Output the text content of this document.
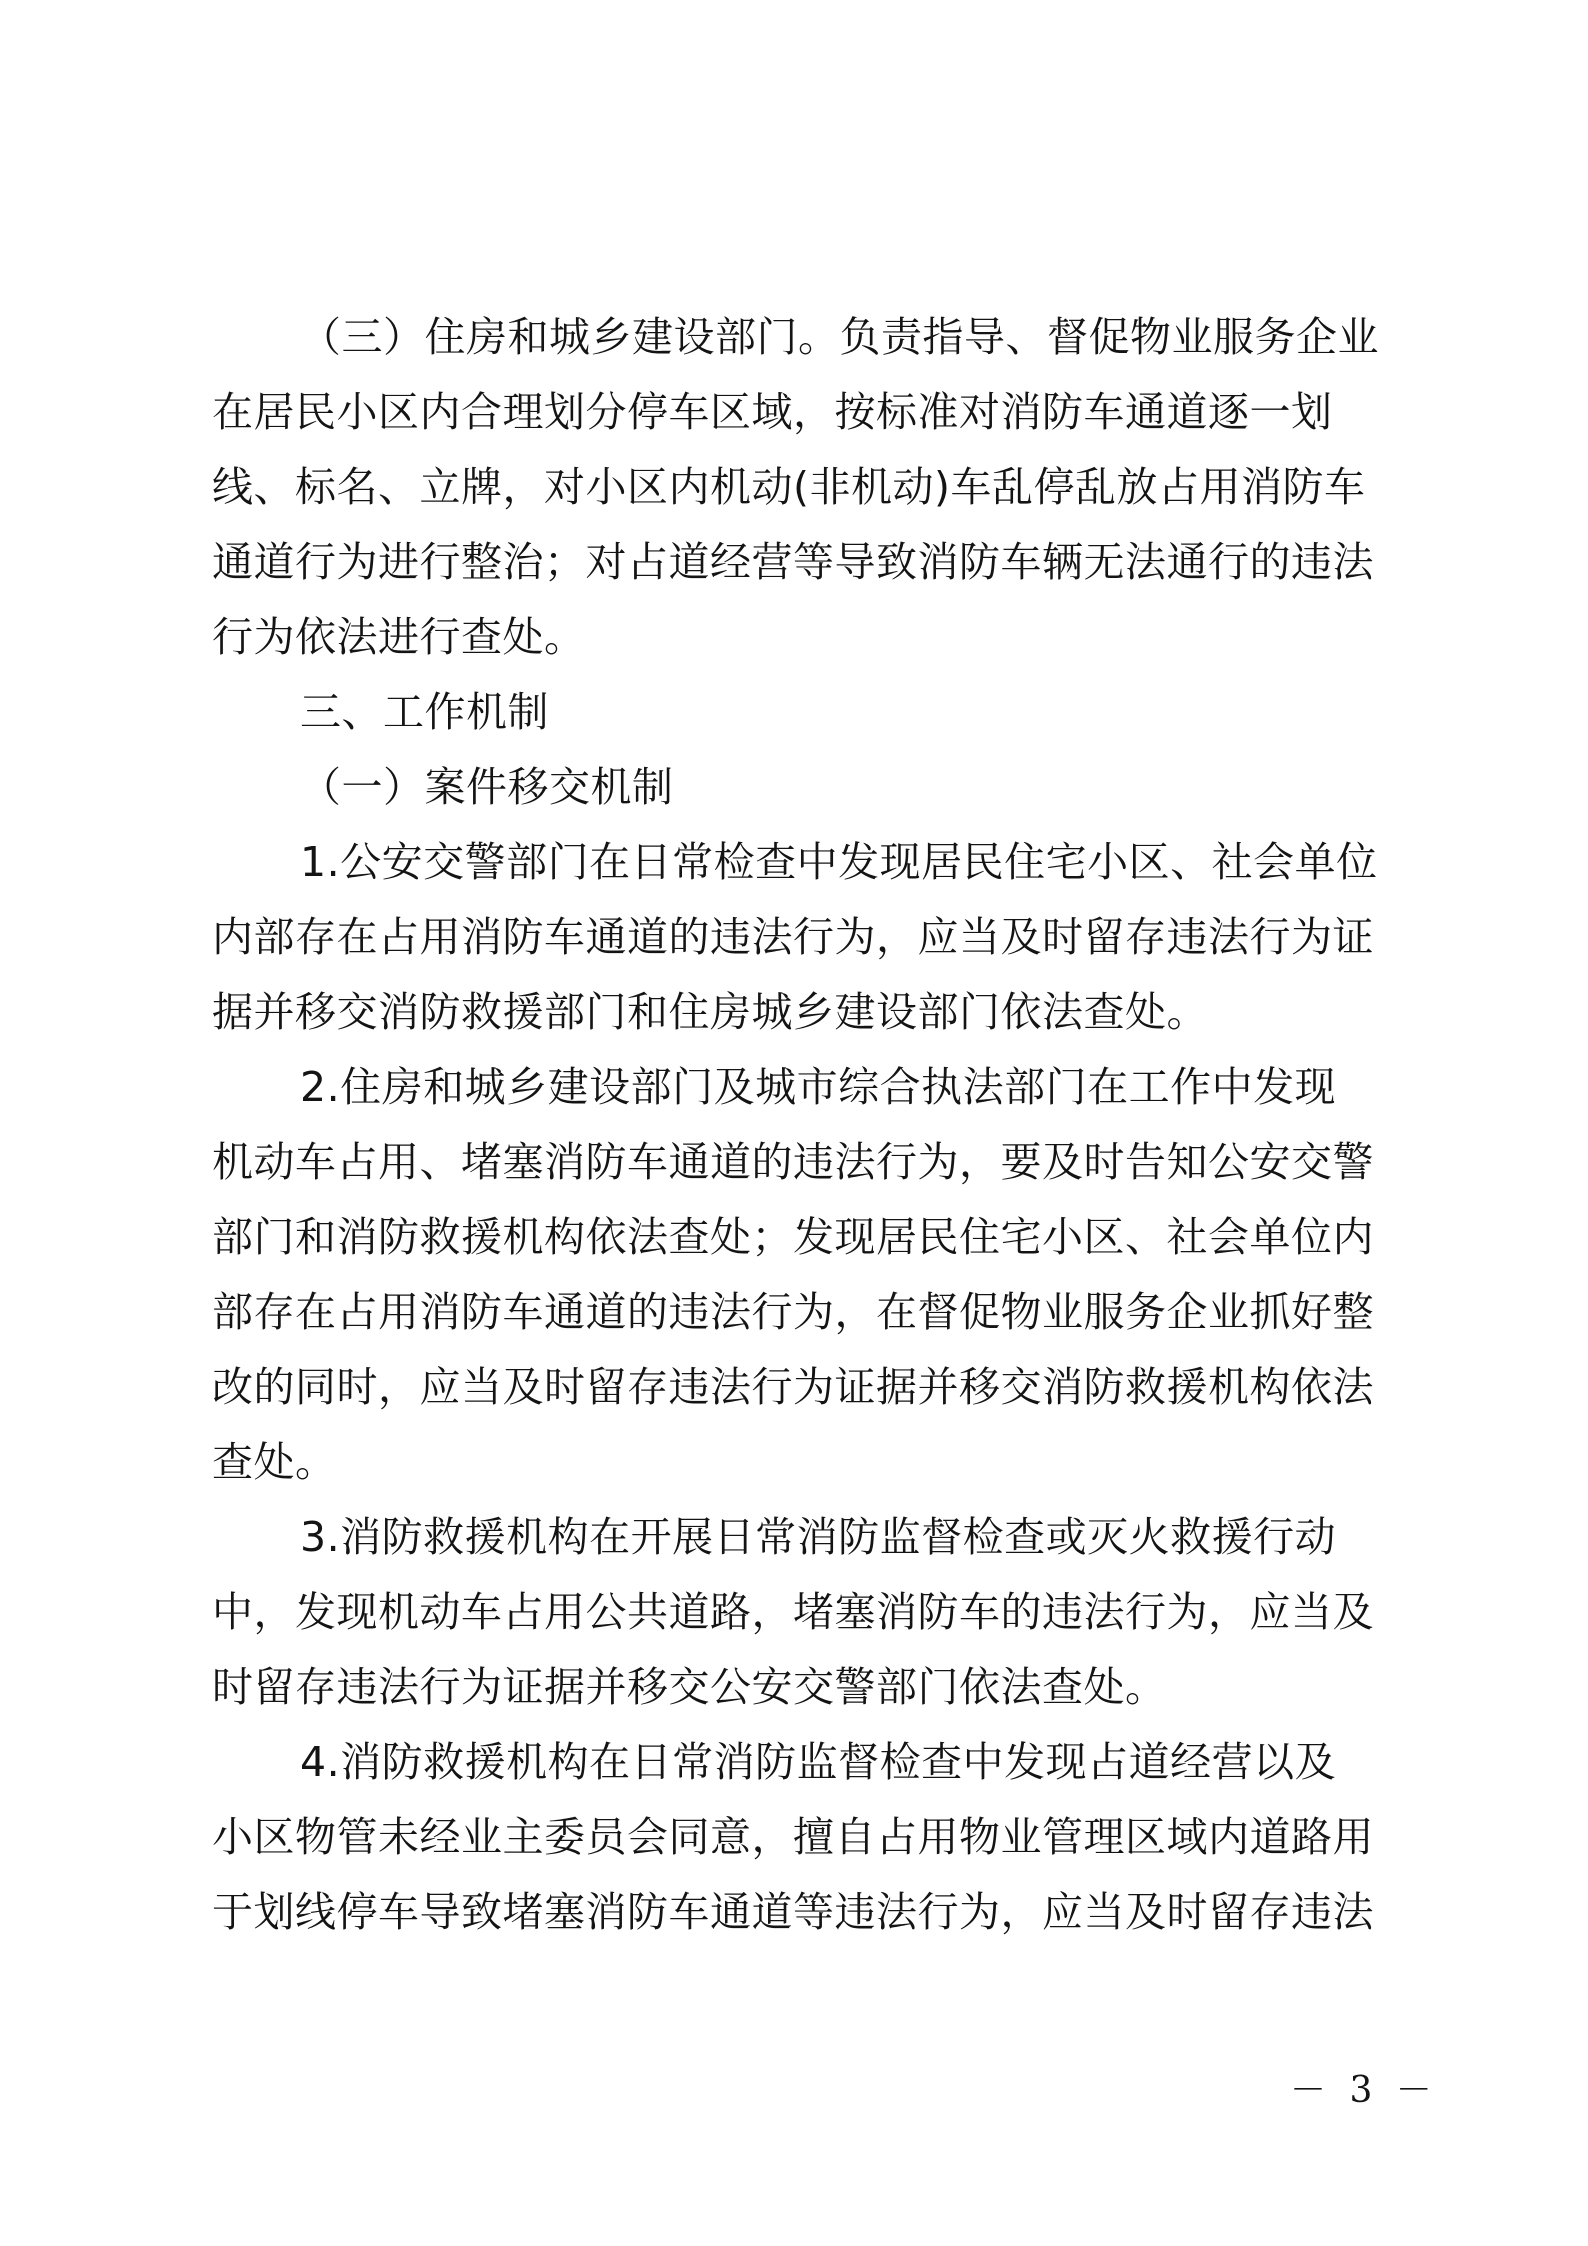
（三）住房和城乡建设部门。负责指导、督促物业服务企业
在居民小区内合理划分停车区域，按标准对消防车通道逐一划
线、标名、立牌，对小区内机动(非机动)车乱停乱放占用消防车
通道行为进行整治；对占道经营等导致消防车辆无法通行的违法
行为依法进行查处。
三、工作机制
（一）案件移交机制
1.公安交警部门在日常检查中发现居民住宅小区、社会单位
内部存在占用消防车通道的违法行为，应当及时留存违法行为证
据并移交消防救援部门和住房城乡建设部门依法查处。
2.住房和城乡建设部门及城市综合执法部门在工作中发现
机动车占用、堵塞消防车通道的违法行为，要及时告知公安交警
部门和消防救援机构依法查处；发现居民住宅小区、社会单位内
部存在占用消防车通道的违法行为，在督促物业服务企业抓好整
改的同时，应当及时留存违法行为证据并移交消防救援机构依法
查处。
3.消防救援机构在开展日常消防监督检查或灭火救援行动
中，发现机动车占用公共道路，堵塞消防车的违法行为，应当及
时留存违法行为证据并移交公安交警部门依法查处。
4.消防救援机构在日常消防监督检查中发现占道经营以及
小区物管未经业主委员会同意，擅自占用物业管理区域内道路用
于划线停车导致堵塞消防车通道等违法行为，应当及时留存违法
－ 3 －
